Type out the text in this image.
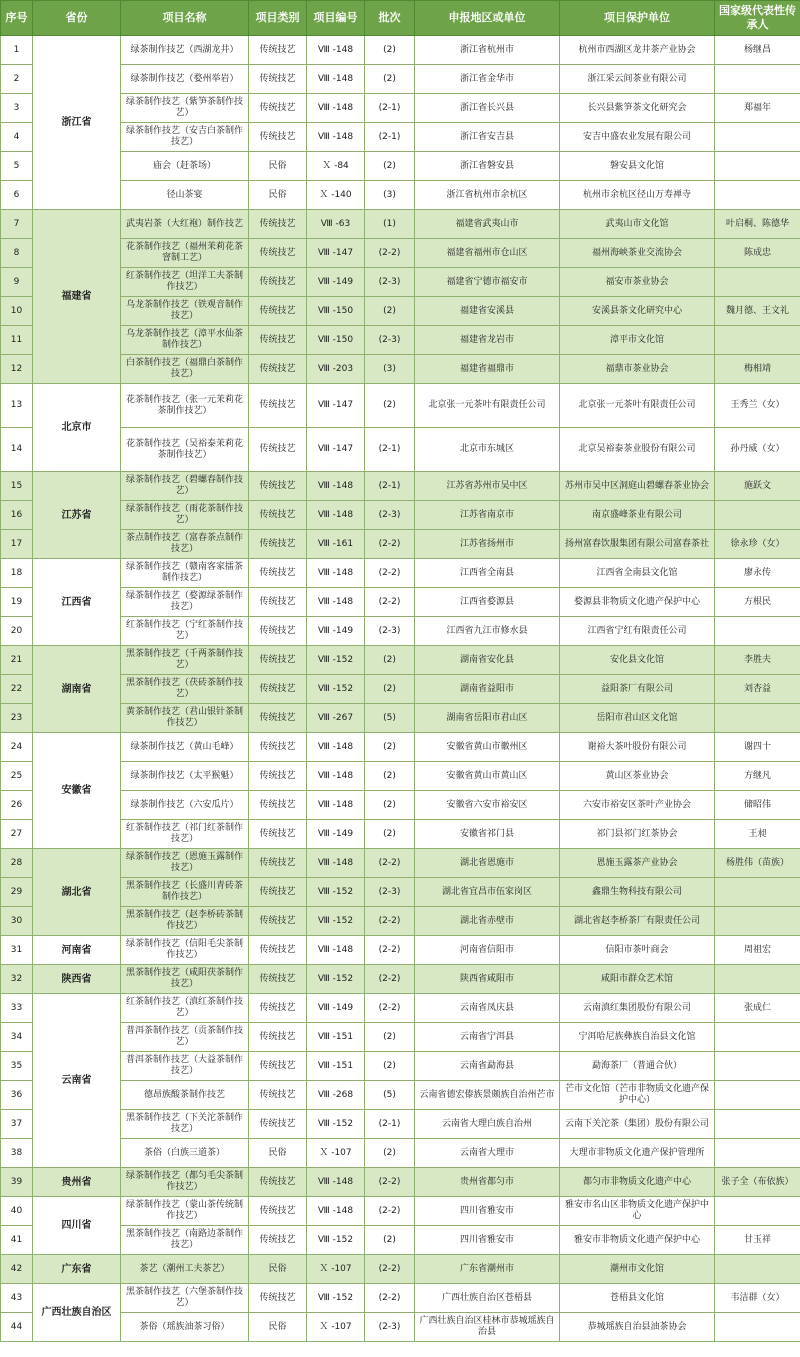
序号	省份	项目名称	项目类别	项目编号	批次	申报地区或单位	项目保护单位	国家级代表性传承人
1	浙江省	绿茶制作技艺（西湖龙井）	传统技艺	Ⅷ -148	(2)	浙江省杭州市	杭州市西湖区龙井茶产业协会	杨继昌
2		绿茶制作技艺（婺州举岩）	传统技艺	Ⅷ -148	(2)	浙江省金华市	浙江采云间茶业有限公司	
3		绿茶制作技艺（紫笋茶制作技艺）	传统技艺	Ⅷ -148	(2-1)	浙江省长兴县	长兴县紫笋茶文化研究会	郑福年
4		绿茶制作技艺（安吉白茶制作技艺）	传统技艺	Ⅷ -148	(2-1)	浙江省安吉县	安吉中盛农业发展有限公司	
5		庙会（赶茶场）	民俗	Ｘ -84	(2)	浙江省磐安县	磐安县文化馆	
6		径山茶宴	民俗	Ｘ -140	(3)	浙江省杭州市余杭区	杭州市余杭区径山万寿禅寺	
7	福建省	武夷岩茶（大红袍）制作技艺	传统技艺	Ⅷ -63	(1)	福建省武夷山市	武夷山市文化馆	叶启桐、陈德华
8		花茶制作技艺（福州茉莉花茶窨制工艺）	传统技艺	Ⅷ -147	(2-2)	福建省福州市仓山区	福州海峡茶业交流协会	陈成忠
9		红茶制作技艺（坦洋工夫茶制作技艺）	传统技艺	Ⅷ -149	(2-3)	福建省宁德市福安市	福安市茶业协会	
10		乌龙茶制作技艺（铁观音制作技艺）	传统技艺	Ⅷ -150	(2)	福建省安溪县	安溪县茶文化研究中心	魏月德、王文礼
11		乌龙茶制作技艺（漳平水仙茶制作技艺）	传统技艺	Ⅷ -150	(2-3)	福建省龙岩市	漳平市文化馆	
12		白茶制作技艺（福鼎白茶制作技艺）	传统技艺	Ⅷ -203	(3)	福建省福鼎市	福鼎市茶业协会	梅相靖
13	北京市	花茶制作技艺（张一元茉莉花茶制作技艺）	传统技艺	Ⅷ -147	(2)	北京张一元茶叶有限责任公司	北京张一元茶叶有限责任公司	王秀兰（女）
14		花茶制作技艺（吴裕泰茉莉花茶制作技艺）	传统技艺	Ⅷ -147	(2-1)	北京市东城区	北京吴裕泰茶业股份有限公司	孙丹威（女）
15	江苏省	绿茶制作技艺（碧螺春制作技艺）	传统技艺	Ⅷ -148	(2-1)	江苏省苏州市吴中区	苏州市吴中区洞庭山碧螺春茶业协会	施跃文
16		绿茶制作技艺（雨花茶制作技艺）	传统技艺	Ⅷ -148	(2-3)	江苏省南京市	南京盛峰茶业有限公司	
17		茶点制作技艺（富春茶点制作技艺）	传统技艺	Ⅷ -161	(2-2)	江苏省扬州市	扬州富春饮服集团有限公司富春茶社	徐永珍（女）
18	江西省	绿茶制作技艺（赣南客家擂茶制作技艺）	传统技艺	Ⅷ -148	(2-2)	江西省全南县	江西省全南县文化馆	廖永传
19		绿茶制作技艺（婺源绿茶制作技艺）	传统技艺	Ⅷ -148	(2-2)	江西省婺源县	婺源县非物质文化遗产保护中心	方根民
20		红茶制作技艺（宁红茶制作技艺）	传统技艺	Ⅷ -149	(2-3)	江西省九江市修水县	江西省宁红有限责任公司	
21	湖南省	黑茶制作技艺（千两茶制作技艺）	传统技艺	Ⅷ -152	(2)	湖南省安化县	安化县文化馆	李胜夫
22		黑茶制作技艺（茯砖茶制作技艺）	传统技艺	Ⅷ -152	(2)	湖南省益阳市	益阳茶厂有限公司	刘杏益
23		黄茶制作技艺（君山银针茶制作技艺）	传统技艺	Ⅷ -267	(5)	湖南省岳阳市君山区	岳阳市君山区文化馆	
24	安徽省	绿茶制作技艺（黄山毛峰）	传统技艺	Ⅷ -148	(2)	安徽省黄山市徽州区	谢裕大茶叶股份有限公司	谢四十
25		绿茶制作技艺（太平猴魁）	传统技艺	Ⅷ -148	(2)	安徽省黄山市黄山区	黄山区茶业协会	方继凡
26		绿茶制作技艺（六安瓜片）	传统技艺	Ⅷ -148	(2)	安徽省六安市裕安区	六安市裕安区茶叶产业协会	储昭伟
27		红茶制作技艺（祁门红茶制作技艺）	传统技艺	Ⅷ -149	(2)	安徽省祁门县	祁门县祁门红茶协会	王昶
28	湖北省	绿茶制作技艺（恩施玉露制作技艺）	传统技艺	Ⅷ -148	(2-2)	湖北省恩施市	恩施玉露茶产业协会	杨胜伟（苗族）
29		黑茶制作技艺（长盛川青砖茶制作技艺）	传统技艺	Ⅷ -152	(2-3)	湖北省宜昌市伍家岗区	鑫鼎生物科技有限公司	
30		黑茶制作技艺（赵李桥砖茶制作技艺）	传统技艺	Ⅷ -152	(2-2)	湖北省赤壁市	湖北省赵李桥茶厂有限责任公司	
31	河南省	绿茶制作技艺（信阳毛尖茶制作技艺）	传统技艺	Ⅷ -148	(2-2)	河南省信阳市	信阳市茶叶商会	周祖宏
32	陕西省	黑茶制作技艺（咸阳茯茶制作技艺）	传统技艺	Ⅷ -152	(2-2)	陕西省咸阳市	咸阳市群众艺术馆	
33	云南省	红茶制作技艺（滇红茶制作技艺）	传统技艺	Ⅷ -149	(2-2)	云南省凤庆县	云南滇红集团股份有限公司	张成仁
34		普洱茶制作技艺（贡茶制作技艺）	传统技艺	Ⅷ -151	(2)	云南省宁洱县	宁洱哈尼族彝族自治县文化馆	
35		普洱茶制作技艺（大益茶制作技艺）	传统技艺	Ⅷ -151	(2)	云南省勐海县	勐海茶厂（普通合伙）	
36		德昂族酸茶制作技艺	传统技艺	Ⅷ -268	(5)	云南省德宏傣族景颇族自治州芒市	芒市文化馆（芒市非物质文化遗产保护中心）	
37		黑茶制作技艺（下关沱茶制作技艺）	传统技艺	Ⅷ -152	(2-1)	云南省大理白族自治州	云南下关沱茶（集团）股份有限公司	
38		茶俗（白族三道茶）	民俗	Ｘ -107	(2)	云南省大理市	大理市非物质文化遗产保护管理所	
39	贵州省	绿茶制作技艺（都匀毛尖茶制作技艺）	传统技艺	Ⅷ -148	(2-2)	贵州省都匀市	都匀市非物质文化遗产中心	张子全（布依族）
40	四川省	绿茶制作技艺（蒙山茶传统制作技艺）	传统技艺	Ⅷ -148	(2-2)	四川省雅安市	雅安市名山区非物质文化遗产保护中心	
41		黑茶制作技艺（南路边茶制作技艺）	传统技艺	Ⅷ -152	(2)	四川省雅安市	雅安市非物质文化遗产保护中心	甘玉祥
42	广东省	茶艺（潮州工夫茶艺）	民俗	Ｘ -107	(2-2)	广东省潮州市	潮州市文化馆	
43	广西壮族自治区	黑茶制作技艺（六堡茶制作技艺）	传统技艺	Ⅷ -152	(2-2)	广西壮族自治区苍梧县	苍梧县文化馆	韦洁群（女）
44		茶俗（瑶族油茶习俗）	民俗	Ｘ -107	(2-3)	广西壮族自治区桂林市恭城瑶族自治县	恭城瑶族自治县油茶协会	
